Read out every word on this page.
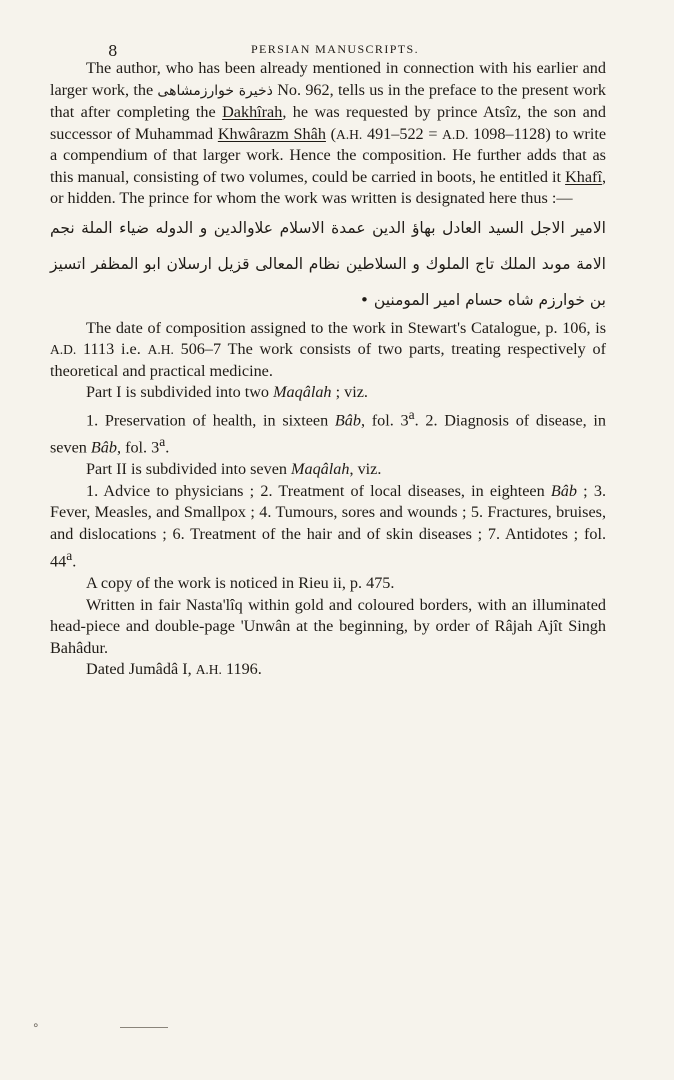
8	PERSIAN MANUSCRIPTS.

The author, who has been already mentioned in connection with his earlier and larger work, the ذخيرة خوارزمشاهى No. 962, tells us in the preface to the present work that after completing the Dakhîrah, he was requested by prince Atsîz, the son and successor of Muhammad Khwârazm Shâh (A.H. 491–522 = A.D. 1098–1128) to write a compendium of that larger work. Hence the composition. He further adds that as this manual, consisting of two volumes, could be carried in boots, he entitled it Khafî, or hidden. The prince for whom the work was written is designated here thus :—

الامير الاجل السيد العادل بهاؤ الدين عمدة الاسلام علاوالدين و الدوله ضياء الملة نجم الامة موىد الملك تاج الملوك و السلاطين نظام المعالى قزيل ارسلان ابو المظفر اتسيز بن خوارزم شاه حسام امير المومنين •

The date of composition assigned to the work in Stewart's Catalogue, p. 106, is A.D. 1113 i.e. A.H. 506–7 The work consists of two parts, treating respectively of theoretical and practical medicine.

Part I is subdivided into two Maqâlah ; viz.

1. Preservation of health, in sixteen Bâb, fol. 3$^a$. 2. Diagnosis of disease, in seven Bâb, fol. 3$^a$.

Part II is subdivided into seven Maqâlah, viz.

1. Advice to physicians ; 2. Treatment of local diseases, in eighteen Bâb ; 3. Fever, Measles, and Smallpox ; 4. Tumours, sores and wounds ; 5. Fractures, bruises, and dislocations ; 6. Treatment of the hair and of skin diseases ; 7. Antidotes ; fol. 44$^a$.

A copy of the work is noticed in Rieu ii, p. 475.

Written in fair Nasta'lîq within gold and coloured borders, with an illuminated head-piece and double-page 'Unwân at the beginning, by order of Râjah Ajît Singh Bahâdur.

Dated Jumâdâ I, A.H. 1196.

∘
